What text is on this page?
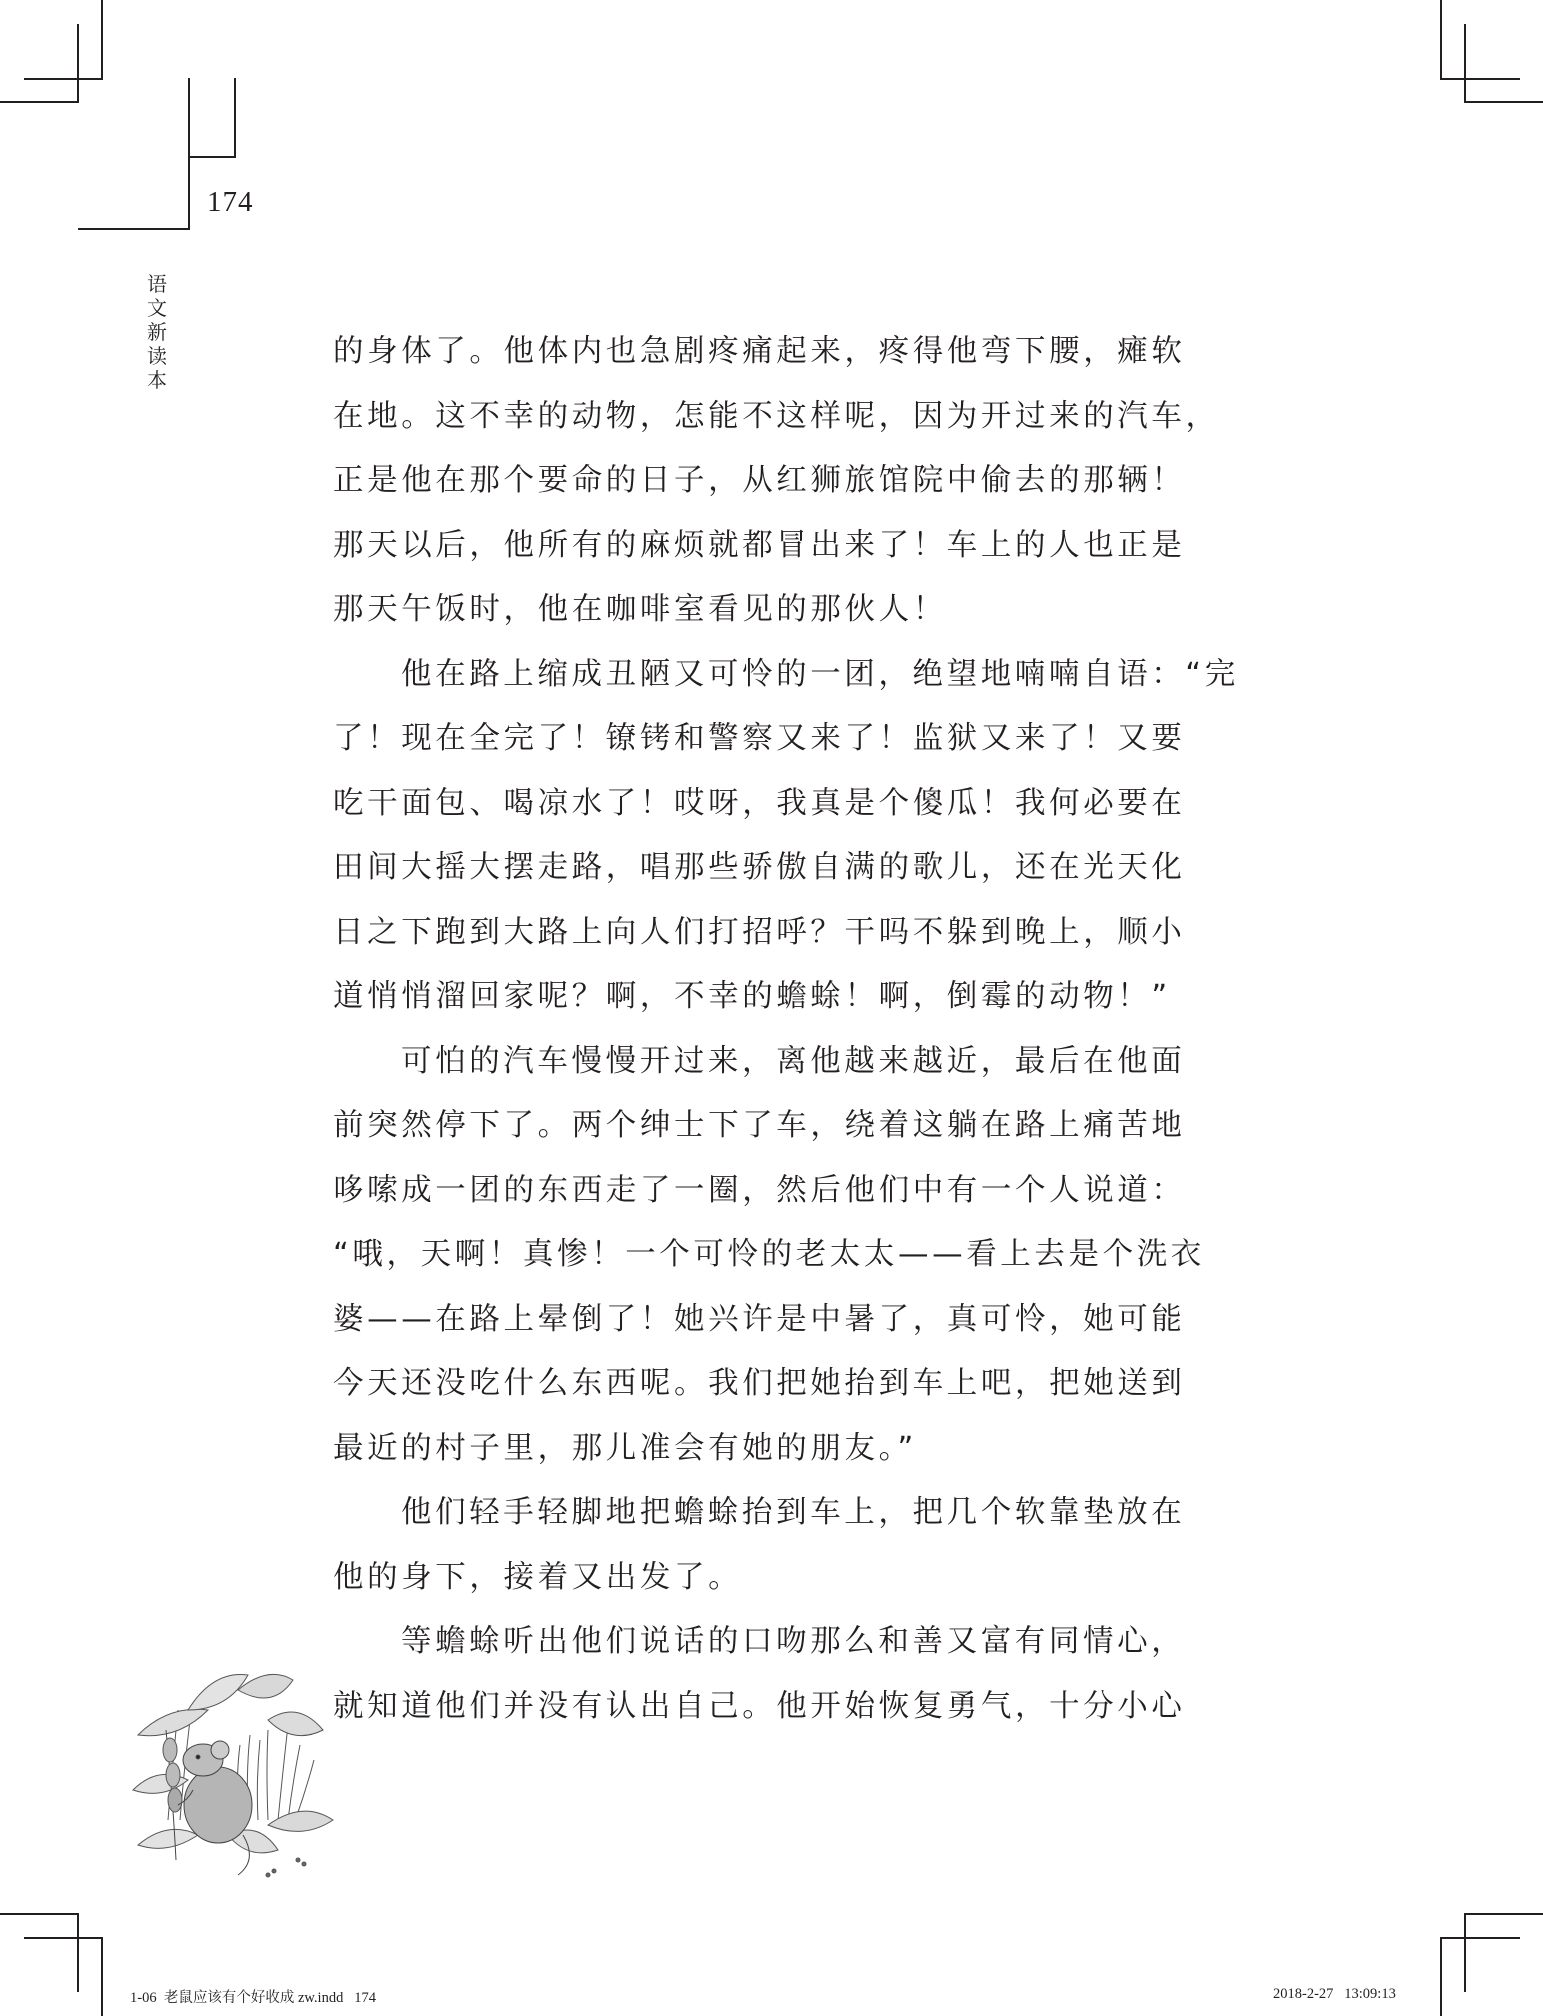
174
语
文
新
读
本

的身体了。他体内也急剧疼痛起来，疼得他弯下腰，瘫软
在地。这不幸的动物，怎能不这样呢，因为开过来的汽车，
正是他在那个要命的日子，从红狮旅馆院中偷去的那辆！
那天以后，他所有的麻烦就都冒出来了！车上的人也正是
那天午饭时，他在咖啡室看见的那伙人！

他在路上缩成丑陋又可怜的一团，绝望地喃喃自语：“完
了！现在全完了！镣铐和警察又来了！监狱又来了！又要
吃干面包、喝凉水了！哎呀，我真是个傻瓜！我何必要在
田间大摇大摆走路，唱那些骄傲自满的歌儿，还在光天化
日之下跑到大路上向人们打招呼？干吗不躲到晚上，顺小
道悄悄溜回家呢？啊，不幸的蟾蜍！啊，倒霉的动物！”

可怕的汽车慢慢开过来，离他越来越近，最后在他面
前突然停下了。两个绅士下了车，绕着这躺在路上痛苦地
哆嗦成一团的东西走了一圈，然后他们中有一个人说道：
“哦，天啊！真惨！一个可怜的老太太——看上去是个洗衣
婆——在路上晕倒了！她兴许是中暑了，真可怜，她可能
今天还没吃什么东西呢。我们把她抬到车上吧，把她送到
最近的村子里，那儿准会有她的朋友。”

他们轻手轻脚地把蟾蜍抬到车上，把几个软靠垫放在
他的身下，接着又出发了。

等蟾蜍听出他们说话的口吻那么和善又富有同情心，
就知道他们并没有认出自己。他开始恢复勇气，十分小心

1-06  老鼠应该有个好收成 zw.indd   174	2018-2-27   13:09:13
